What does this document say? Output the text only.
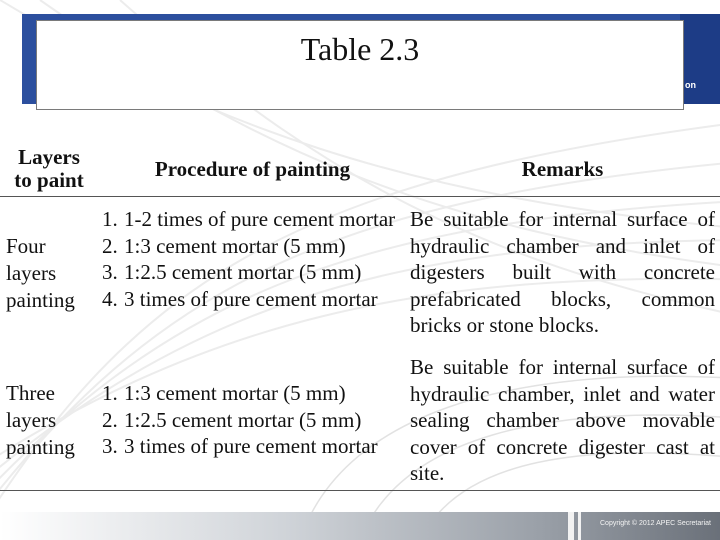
on
Table 2.3
Layers
to paint	Procedure of painting	Remarks
Four
layers
painting
1. 1-2 times of pure cement mortar
2. 1:3 cement mortar (5 mm)
3. 1:2.5 cement mortar (5 mm)
4. 3 times of pure cement mortar
Be suitable for internal surface of hydraulic chamber and inlet of digesters built with concrete prefabricated blocks, common bricks or stone blocks.
Three
layers
painting
1. 1:3 cement mortar (5 mm)
2. 1:2.5 cement mortar (5 mm)
3. 3 times of pure cement mortar
Be suitable for internal surface of hydraulic chamber, inlet and water sealing chamber above movable cover of concrete digester cast at site.
Copyright © 2012 APEC Secretariat
